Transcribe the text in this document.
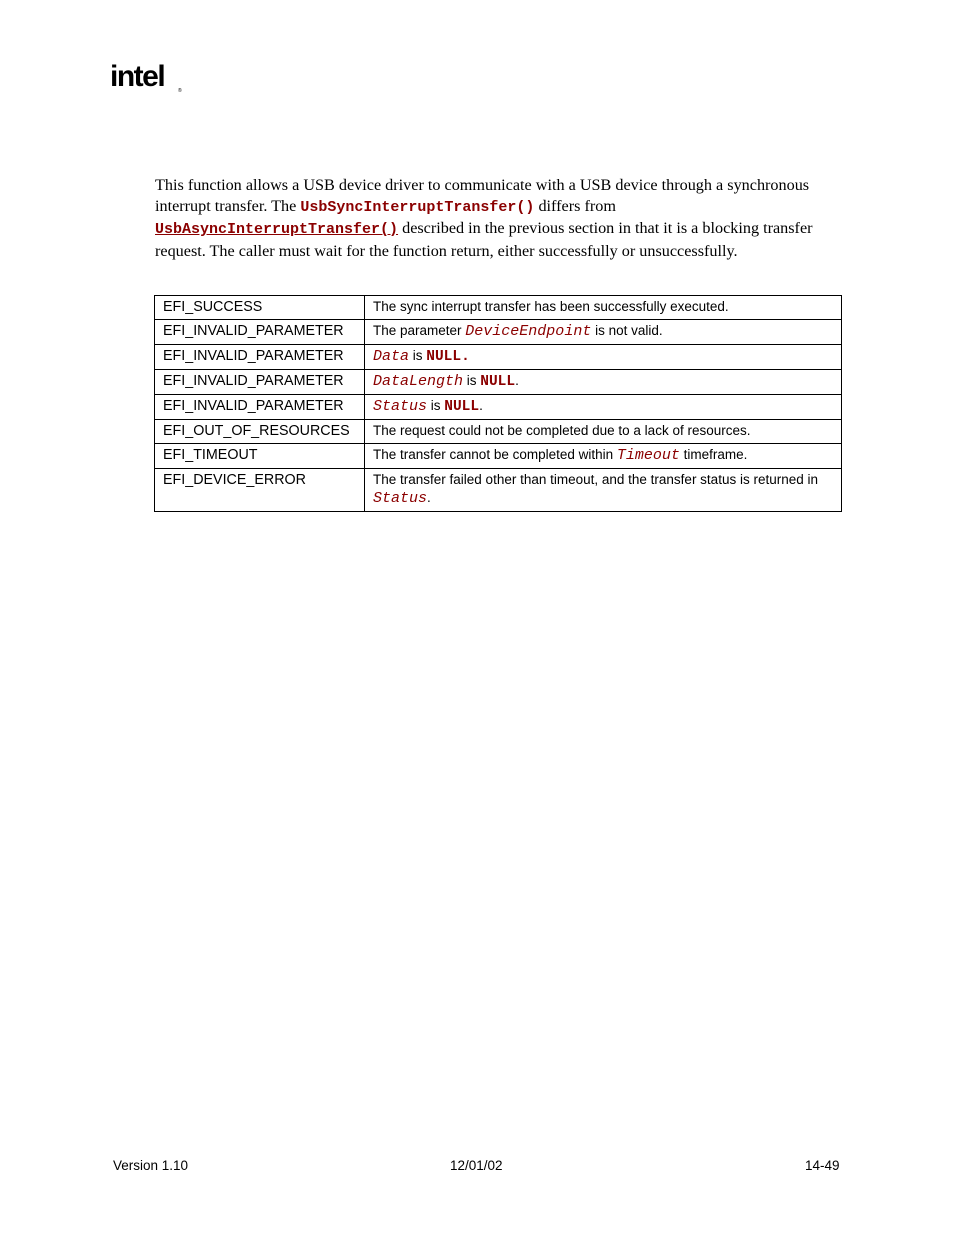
intel	®
This function allows a USB device driver to communicate with a USB device through a synchronous interrupt transfer. The UsbSyncInterruptTransfer() differs from UsbAsyncInterruptTransfer() described in the previous section in that it is a blocking transfer request. The caller must wait for the function return, either successfully or unsuccessfully.
EFI_SUCCESS	The sync interrupt transfer has been successfully executed.
EFI_INVALID_PARAMETER	The parameter DeviceEndpoint is not valid.
EFI_INVALID_PARAMETER	Data is NULL.
EFI_INVALID_PARAMETER	DataLength is NULL.
EFI_INVALID_PARAMETER	Status is NULL.
EFI_OUT_OF_RESOURCES	The request could not be completed due to a lack of resources.
EFI_TIMEOUT	The transfer cannot be completed within Timeout timeframe.
EFI_DEVICE_ERROR	The transfer failed other than timeout, and the transfer status is returned in Status.
Version 1.10	12/01/02	14-49
